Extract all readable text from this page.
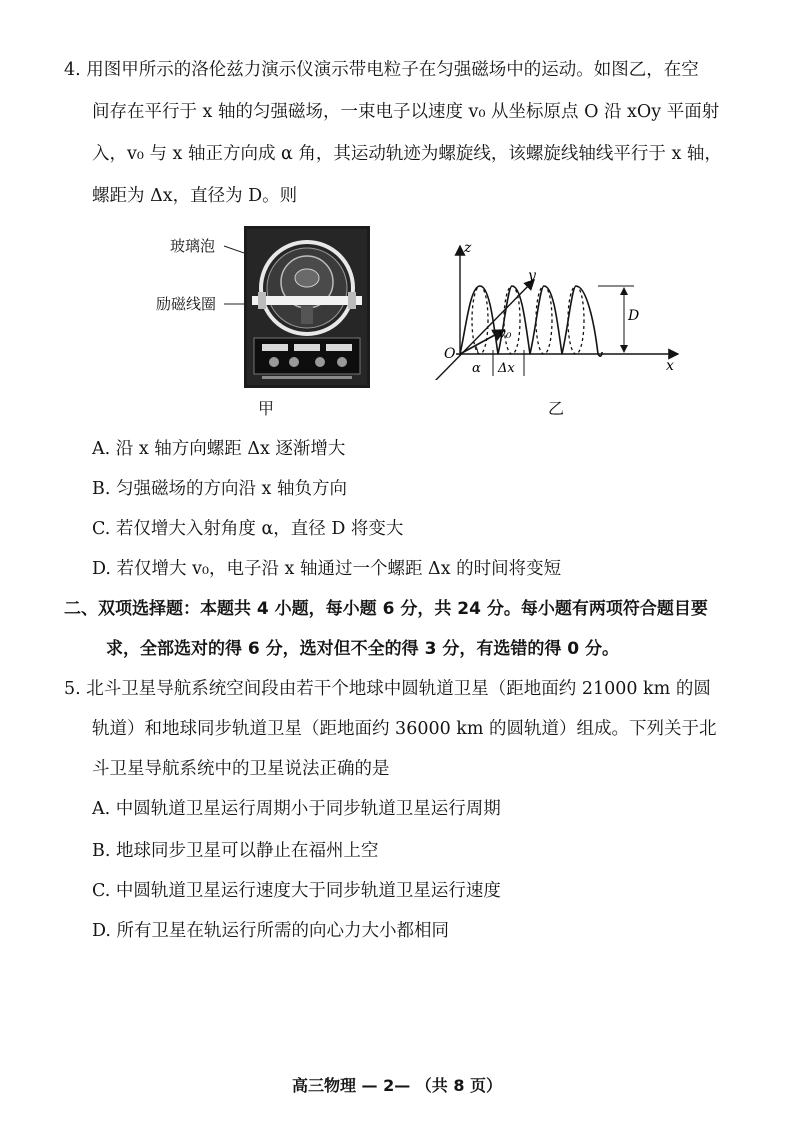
4. 用图甲所示的洛伦兹力演示仪演示带电粒子在匀强磁场中的运动。如图乙，在空
间存在平行于 x 轴的匀强磁场，一束电子以速度 v₀ 从坐标原点 O 沿 xOy 平面射
入，v₀ 与 x 轴正方向成 α 角，其运动轨迹为螺旋线，该螺旋线轴线平行于 x 轴，
螺距为 Δx，直径为 D。则
玻璃泡
励磁线圈
甲
z
y
x
O
v₀
α Δx
D
乙
A. 沿 x 轴方向螺距 Δx 逐渐增大
B. 匀强磁场的方向沿 x 轴负方向
C. 若仅增大入射角度 α，直径 D 将变大
D. 若仅增大 v₀，电子沿 x 轴通过一个螺距 Δx 的时间将变短
二、双项选择题：本题共 4 小题，每小题 6 分，共 24 分。每小题有两项符合题目要
求，全部选对的得 6 分，选对但不全的得 3 分，有选错的得 0 分。
5. 北斗卫星导航系统空间段由若干个地球中圆轨道卫星（距地面约 21000 km 的圆
轨道）和地球同步轨道卫星（距地面约 36000 km 的圆轨道）组成。下列关于北
斗卫星导航系统中的卫星说法正确的是
A. 中圆轨道卫星运行周期小于同步轨道卫星运行周期
B. 地球同步卫星可以静止在福州上空
C. 中圆轨道卫星运行速度大于同步轨道卫星运行速度
D. 所有卫星在轨运行所需的向心力大小都相同
高三物理 — 2— （共 8 页）
